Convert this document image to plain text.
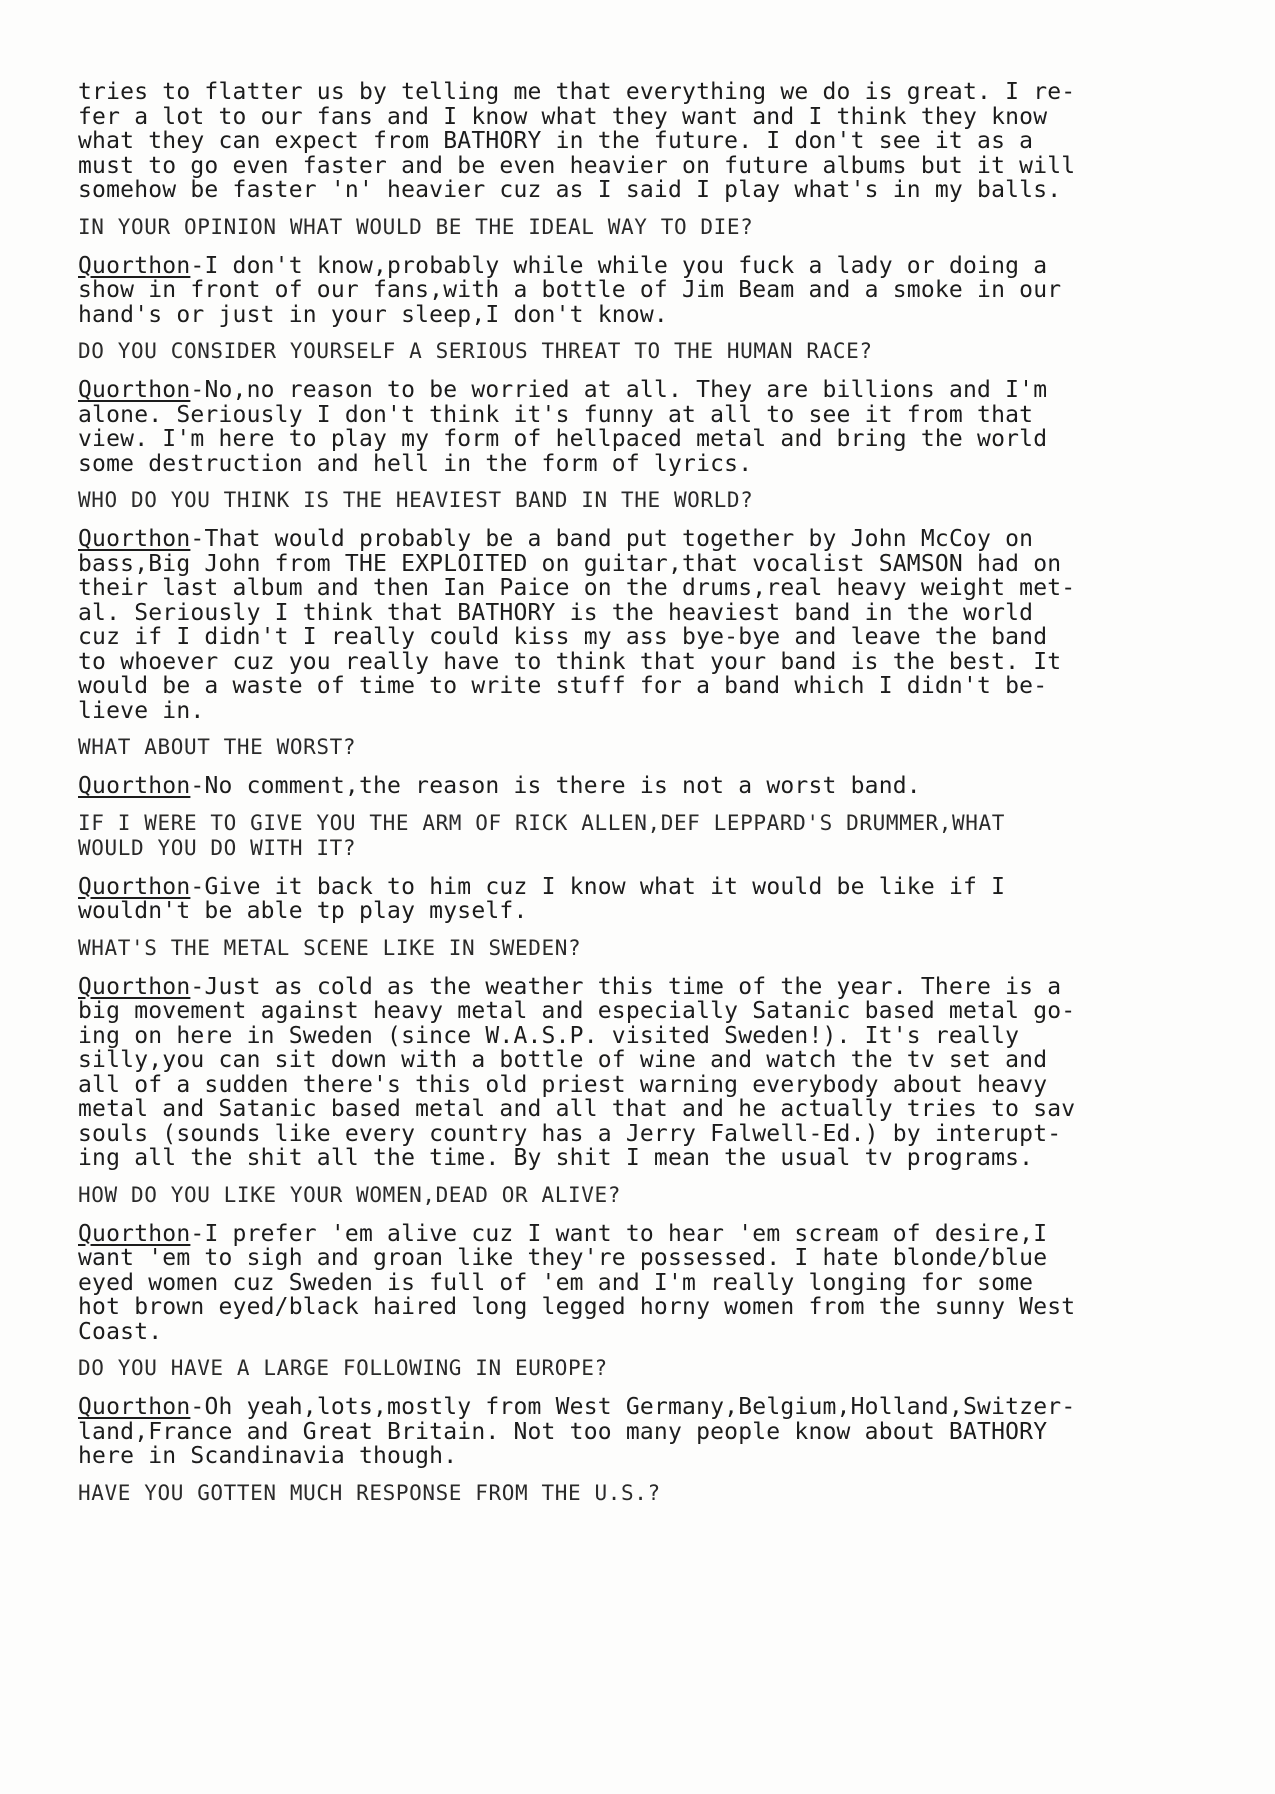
tries to flatter us by telling me that everything we do is great. I re-
fer a lot to our fans and I know what they want and I think they know
what they can expect from BATHORY in the future. I don't see it as a
must to go even faster and be even heavier on future albums but it will
somehow be faster 'n' heavier cuz as I said I play what's in my balls.
IN YOUR OPINION WHAT WOULD BE THE IDEAL WAY TO DIE?
Quorthon-I don't know,probably while while you fuck a lady or doing a
show in front of our fans,with a bottle of Jim Beam and a smoke in our
hand's or just in your sleep,I don't know.
DO YOU CONSIDER YOURSELF A SERIOUS THREAT TO THE HUMAN RACE?
Quorthon-No,no reason to be worried at all. They are billions and I'm
alone. Seriously I don't think it's funny at all to see it from that
view. I'm here to play my form of hellpaced metal and bring the world
some destruction and hell in the form of lyrics.
WHO DO YOU THINK IS THE HEAVIEST BAND IN THE WORLD?
Quorthon-That would probably be a band put together by John McCoy on
bass,Big John from THE EXPLOITED on guitar,that vocalist SAMSON had on
their last album and then Ian Paice on the drums,real heavy weight met-
al. Seriously I think that BATHORY is the heaviest band in the world
cuz if I didn't I really could kiss my ass bye-bye and leave the band
to whoever cuz you really have to think that your band is the best. It
would be a waste of time to write stuff for a band which I didn't be-
lieve in.
WHAT ABOUT THE WORST?
Quorthon-No comment,the reason is there is not a worst band.
IF I WERE TO GIVE YOU THE ARM OF RICK ALLEN,DEF LEPPARD'S DRUMMER,WHAT
WOULD YOU DO WITH IT?
Quorthon-Give it back to him cuz I know what it would be like if I
wouldn't be able tp play myself.
WHAT'S THE METAL SCENE LIKE IN SWEDEN?
Quorthon-Just as cold as the weather this time of the year. There is a
big movement against heavy metal and especially Satanic based metal go-
ing on here in Sweden (since W.A.S.P. visited Sweden!). It's really
silly,you can sit down with a bottle of wine and watch the tv set and
all of a sudden there's this old priest warning everybody about heavy
metal and Satanic based metal and all that and he actually tries to sav
souls (sounds like every country has a Jerry Falwell-Ed.) by interupt-
ing all the shit all the time. By shit I mean the usual tv programs.
HOW DO YOU LIKE YOUR WOMEN,DEAD OR ALIVE?
Quorthon-I prefer 'em alive cuz I want to hear 'em scream of desire,I
want 'em to sigh and groan like they're possessed. I hate blonde/blue
eyed women cuz Sweden is full of 'em and I'm really longing for some
hot brown eyed/black haired long legged horny women from the sunny West
Coast.
DO YOU HAVE A LARGE FOLLOWING IN EUROPE?
Quorthon-Oh yeah,lots,mostly from West Germany,Belgium,Holland,Switzer-
land,France and Great Britain. Not too many people know about BATHORY
here in Scandinavia though.
HAVE YOU GOTTEN MUCH RESPONSE FROM THE U.S.?
